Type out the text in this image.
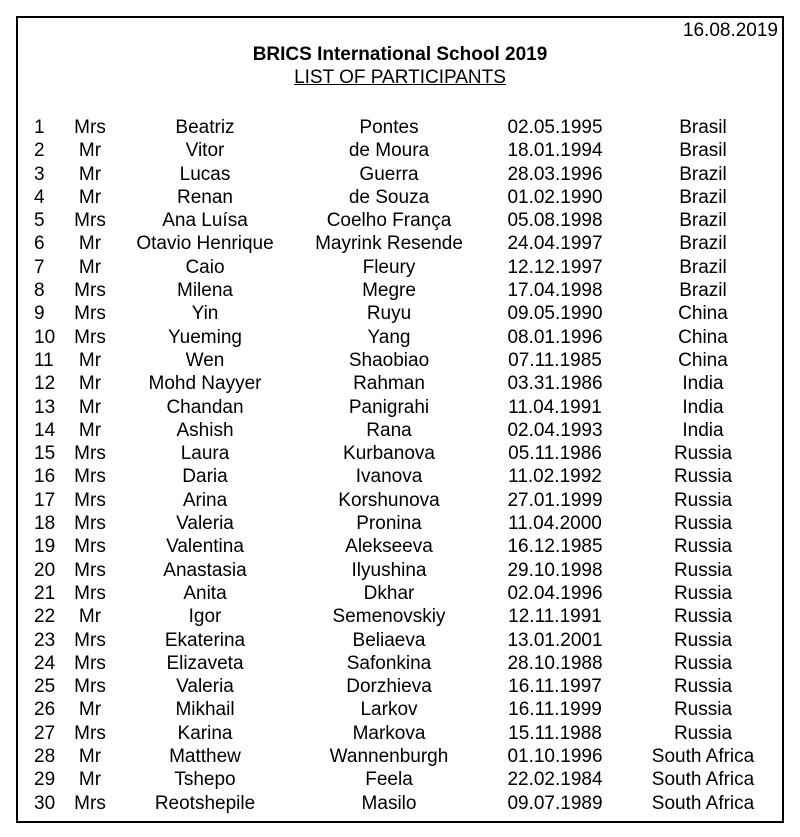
16.08.2019
BRICS International School 2019
LIST OF PARTICIPANTS
1	Mrs	Beatriz	Pontes	02.05.1995	Brasil
2	Mr	Vitor	de Moura	18.01.1994	Brasil
3	Mr	Lucas	Guerra	28.03.1996	Brazil
4	Mr	Renan	de Souza	01.02.1990	Brazil
5	Mrs	Ana Luísa	Coelho França	05.08.1998	Brazil
6	Mr	Otavio Henrique	Mayrink Resende	24.04.1997	Brazil
7	Mr	Caio	Fleury	12.12.1997	Brazil
8	Mrs	Milena	Megre	17.04.1998	Brazil
9	Mrs	Yin	Ruyu	09.05.1990	China
10	Mrs	Yueming	Yang	08.01.1996	China
11	Mr	Wen	Shaobiao	07.11.1985	China
12	Mr	Mohd Nayyer	Rahman	03.31.1986	India
13	Mr	Chandan	Panigrahi	11.04.1991	India
14	Mr	Ashish	Rana	02.04.1993	India
15	Mrs	Laura	Kurbanova	05.11.1986	Russia
16	Mrs	Daria	Ivanova	11.02.1992	Russia
17	Mrs	Arina	Korshunova	27.01.1999	Russia
18	Mrs	Valeria	Pronina	11.04.2000	Russia
19	Mrs	Valentina	Alekseeva	16.12.1985	Russia
20	Mrs	Anastasia	Ilyushina	29.10.1998	Russia
21	Mrs	Anita	Dkhar	02.04.1996	Russia
22	Mr	Igor	Semenovskiy	12.11.1991	Russia
23	Mrs	Ekaterina	Beliaeva	13.01.2001	Russia
24	Mrs	Elizaveta	Safonkina	28.10.1988	Russia
25	Mrs	Valeria	Dorzhieva	16.11.1997	Russia
26	Mr	Mikhail	Larkov	16.11.1999	Russia
27	Mrs	Karina	Markova	15.11.1988	Russia
28	Mr	Matthew	Wannenburgh	01.10.1996	South Africa
29	Mr	Tshepo	Feela	22.02.1984	South Africa
30	Mrs	Reotshepile	Masilo	09.07.1989	South Africa
